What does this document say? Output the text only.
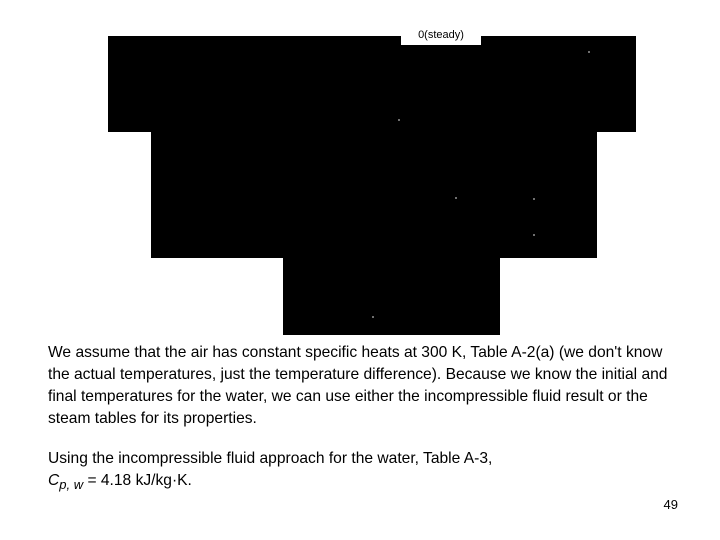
0(steady)

We assume that the air has constant specific heats at 300 K, Table A-2(a) (we don't know the actual temperatures, just the temperature difference). Because we know the initial and final temperatures for the water, we can use either the incompressible fluid result or the steam tables for its properties.

Using the incompressible fluid approach for the water, Table A-3,
$C_{p, w} = 4.18$ kJ/kg·K.

49
